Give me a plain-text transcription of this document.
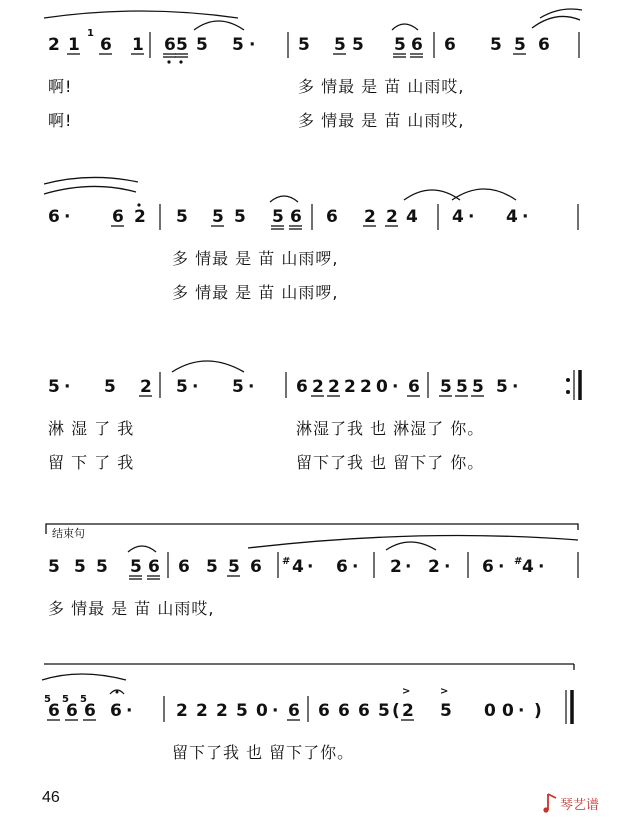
2 1 6 1 6 5 5 5 ·	5 5 5 5 6 6 5 5 6
1
啊!	多 情最 是 苗 山雨哎,
啊!	多 情最 是 苗 山雨哎,
6 · 6 2 5 5 5 5 6 6 2 2 4 4 · 4 ·
多 情最 是 苗 山雨啰,
多 情最 是 苗 山雨啰,
5 · 5 2 5 · 5 · 6 2 2 2 2 0 · 6 5 5 5 5 ·
淋 湿 了 我	淋湿了我 也 淋湿了 你。
留 下 了 我	留下了我 也 留下了 你。
结束句
5 5 5 5 6 6 5 5 6 # 4 · 6 · 2 · 2 · 6 · # 4 ·
多 情最 是 苗 山雨哎,
6 6 6 6 ·	2 2 2 5 0 · 6 6 6 6 5 ( 2 5 0 0 · )
5 5 5
>	>
留下了我 也 留下了你。
46	琴艺谱
